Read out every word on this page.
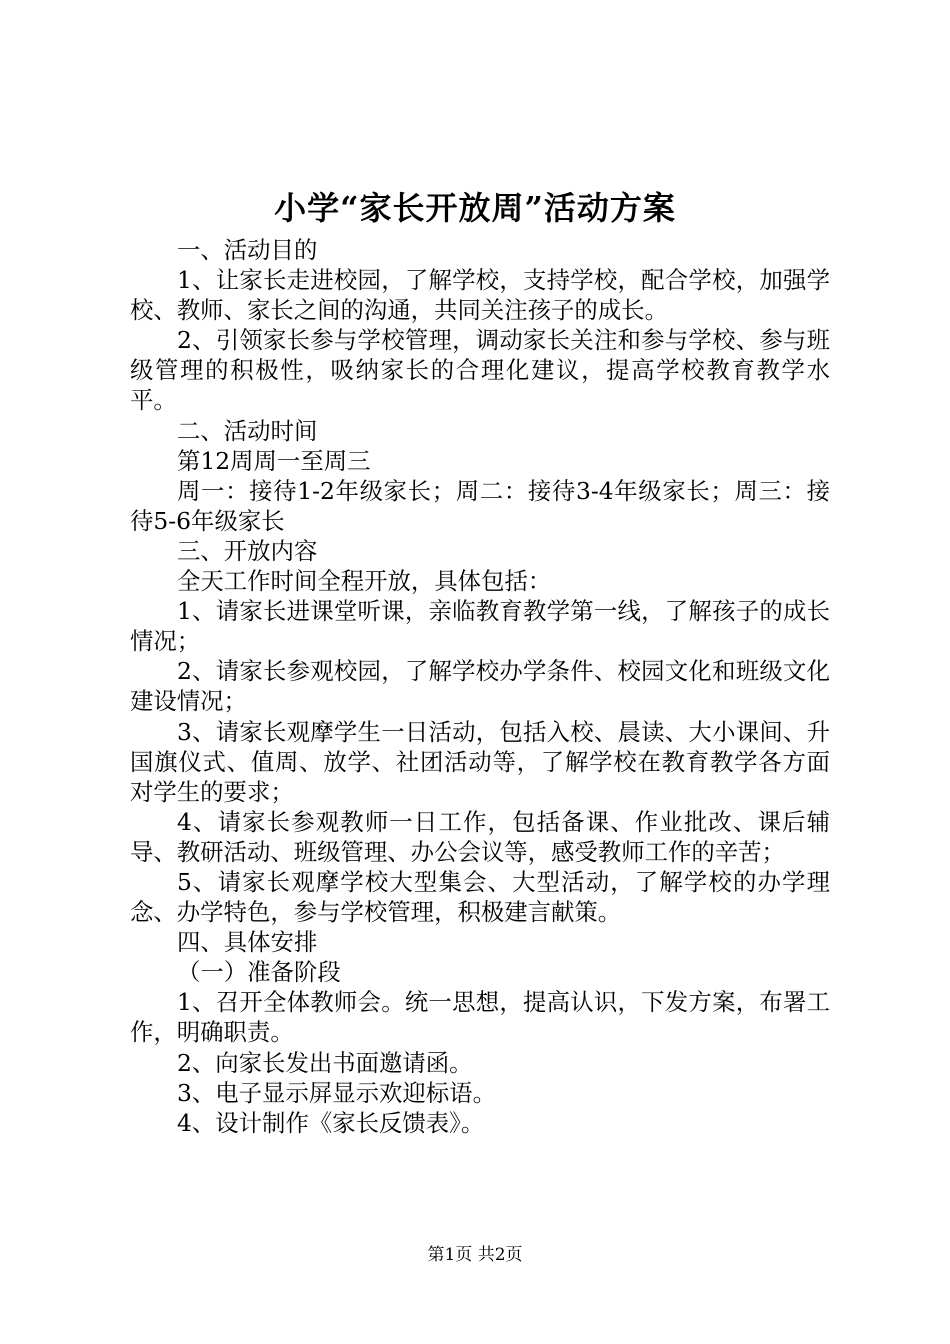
小学“家长开放周”活动方案

一、活动目的

1、让家长走进校园，了解学校，支持学校，配合学校，加强学校、教师、家长之间的沟通，共同关注孩子的成长。

2、引领家长参与学校管理，调动家长关注和参与学校、参与班级管理的积极性，吸纳家长的合理化建议，提高学校教育教学水平。

二、活动时间

第12周周一至周三

周一：接待1-2年级家长；周二：接待3-4年级家长；周三：接待5-6年级家长

三、开放内容

全天工作时间全程开放，具体包括：

1、请家长进课堂听课，亲临教育教学第一线，了解孩子的成长情况；

2、请家长参观校园，了解学校办学条件、校园文化和班级文化建设情况；

3、请家长观摩学生一日活动，包括入校、晨读、大小课间、升国旗仪式、值周、放学、社团活动等，了解学校在教育教学各方面对学生的要求；

4、请家长参观教师一日工作，包括备课、作业批改、课后辅导、教研活动、班级管理、办公会议等，感受教师工作的辛苦；

5、请家长观摩学校大型集会、大型活动，了解学校的办学理念、办学特色，参与学校管理，积极建言献策。

四、具体安排

（一）准备阶段

1、召开全体教师会。统一思想，提高认识，下发方案，布署工作，明确职责。

2、向家长发出书面邀请函。

3、电子显示屏显示欢迎标语。

4、设计制作《家长反馈表》。

第1页 共2页
